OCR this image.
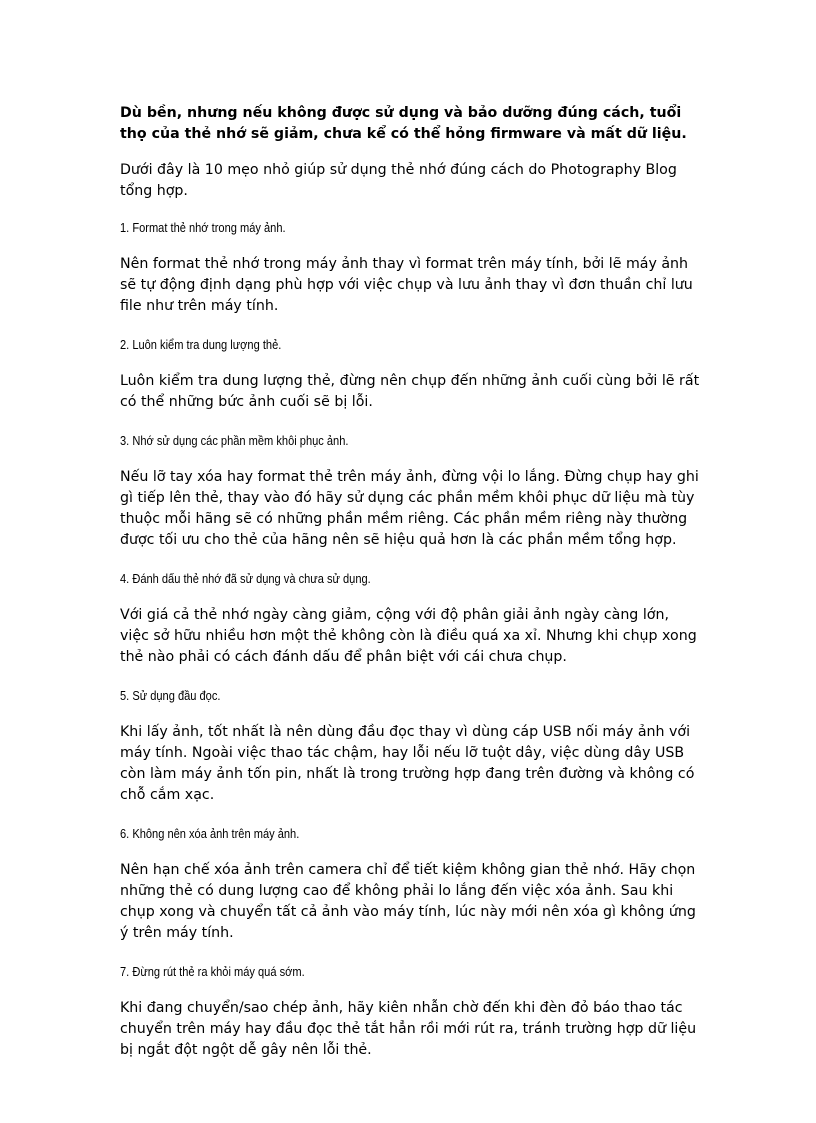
Dù bền, nhưng nếu không được sử dụng và bảo dưỡng đúng cách, tuổi thọ của thẻ nhớ sẽ giảm, chưa kể có thể hỏng firmware và mất dữ liệu.

Dưới đây là 10 mẹo nhỏ giúp sử dụng thẻ nhớ đúng cách do Photography Blog tổng hợp.

1. Format thẻ nhớ trong máy ảnh.

Nên format thẻ nhớ trong máy ảnh thay vì format trên máy tính, bởi lẽ máy ảnh sẽ tự động định dạng phù hợp với việc chụp và lưu ảnh thay vì đơn thuần chỉ lưu file như trên máy tính.

2. Luôn kiểm tra dung lượng thẻ.

Luôn kiểm tra dung lượng thẻ, đừng nên chụp đến những ảnh cuối cùng bởi lẽ rất có thể những bức ảnh cuối sẽ bị lỗi.

3. Nhớ sử dụng các phần mềm khôi phục ảnh.

Nếu lỡ tay xóa hay format thẻ trên máy ảnh, đừng vội lo lắng. Đừng chụp hay ghi gì tiếp lên thẻ, thay vào đó hãy sử dụng các phần mềm khôi phục dữ liệu mà tùy thuộc mỗi hãng sẽ có những phần mềm riêng. Các phần mềm riêng này thường được tối ưu cho thẻ của hãng nên sẽ hiệu quả hơn là các phần mềm tổng hợp.

4. Đánh dấu thẻ nhớ đã sử dụng và chưa sử dụng.

Với giá cả thẻ nhớ ngày càng giảm, cộng với độ phân giải ảnh ngày càng lớn, việc sở hữu nhiều hơn một thẻ không còn là điều quá xa xỉ. Nhưng khi chụp xong thẻ nào phải có cách đánh dấu để phân biệt với cái chưa chụp.

5. Sử dụng đầu đọc.

Khi lấy ảnh, tốt nhất là nên dùng đầu đọc thay vì dùng cáp USB nối máy ảnh với máy tính. Ngoài việc thao tác chậm, hay lỗi nếu lỡ tuột dây, việc dùng dây USB còn làm máy ảnh tốn pin, nhất là trong trường hợp đang trên đường và không có chỗ cắm xạc.

6. Không nên xóa ảnh trên máy ảnh.

Nên hạn chế xóa ảnh trên camera chỉ để tiết kiệm không gian thẻ nhớ. Hãy chọn những thẻ có dung lượng cao để không phải lo lắng đến việc xóa ảnh. Sau khi chụp xong và chuyển tất cả ảnh vào máy tính, lúc này mới nên xóa gì không ứng ý trên máy tính.

7. Đừng rút thẻ ra khỏi máy quá sớm.

Khi đang chuyển/sao chép ảnh, hãy kiên nhẫn chờ đến khi đèn đỏ báo thao tác chuyển trên máy hay đầu đọc thẻ tắt hẳn rồi mới rút ra, tránh trường hợp dữ liệu bị ngắt đột ngột dễ gây nên lỗi thẻ.
